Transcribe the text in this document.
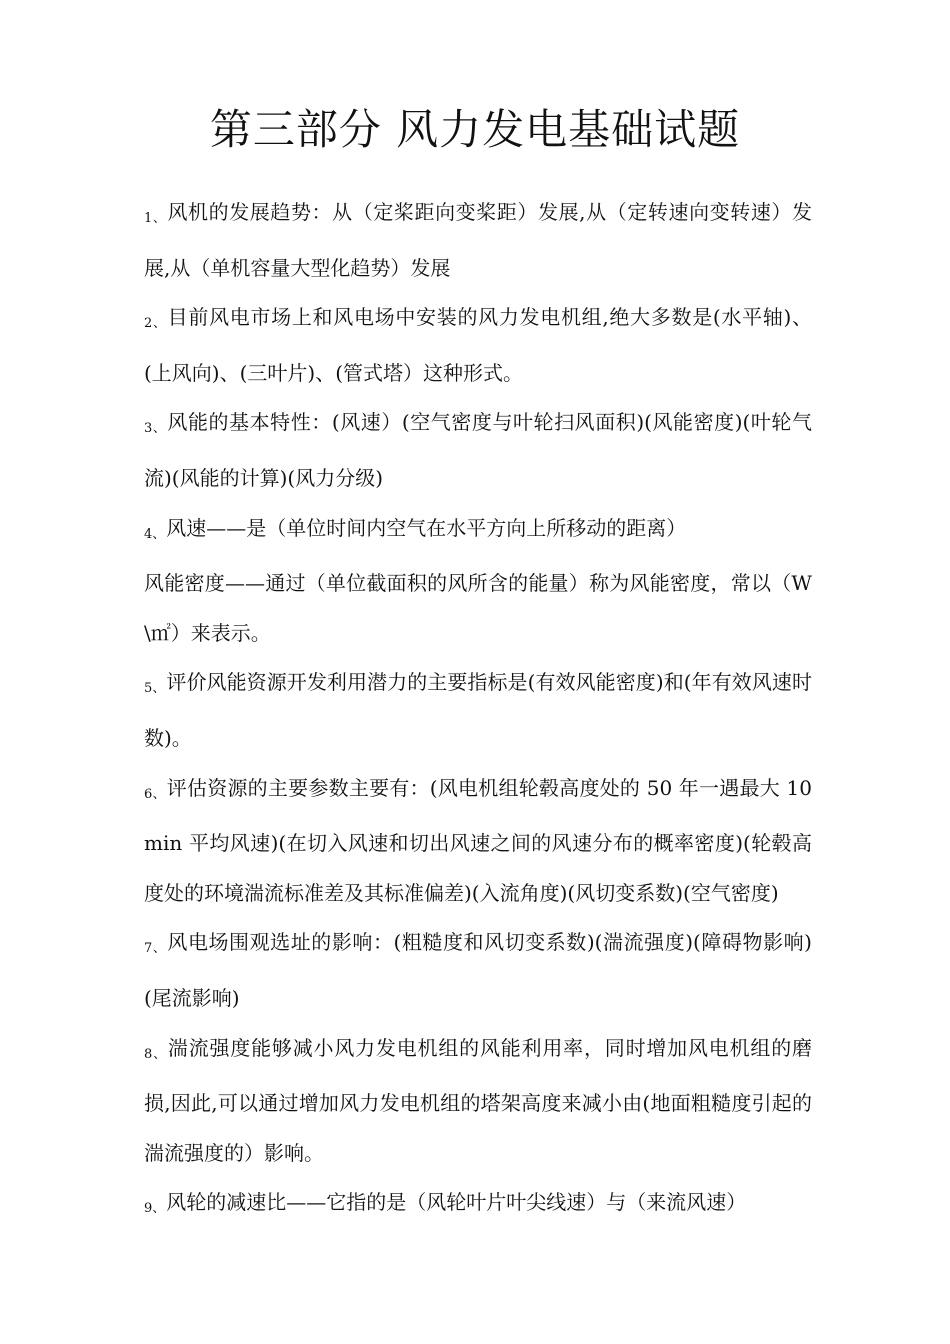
第三部分 风力发电基础试题

1、风机的发展趋势：从（定桨距向变桨距）发展,从（定转速向变转速）发展,从（单机容量大型化趋势）发展

2、目前风电市场上和风电场中安装的风力发电机组,绝大多数是(水平轴)、(上风向)、(三叶片)、(管式塔）这种形式。

3、风能的基本特性：(风速）(空气密度与叶轮扫风面积)(风能密度)(叶轮气流)(风能的计算)(风力分级)

4、风速——是（单位时间内空气在水平方向上所移动的距离）

风能密度——通过（单位截面积的风所含的能量）称为风能密度，常以（W\㎡）来表示。

5、评价风能资源开发利用潜力的主要指标是(有效风能密度)和(年有效风速时数)。

6、评估资源的主要参数主要有：(风电机组轮毂高度处的 50 年一遇最大 10min 平均风速)(在切入风速和切出风速之间的风速分布的概率密度)(轮毂高度处的环境湍流标准差及其标准偏差)(入流角度)(风切变系数)(空气密度)

7、风电场围观选址的影响：(粗糙度和风切变系数)(湍流强度)(障碍物影响)(尾流影响)

8、湍流强度能够减小风力发电机组的风能利用率，同时增加风电机组的磨损,因此,可以通过增加风力发电机组的塔架高度来减小由(地面粗糙度引起的湍流强度的）影响。

9、风轮的减速比——它指的是（风轮叶片叶尖线速）与（来流风速）
